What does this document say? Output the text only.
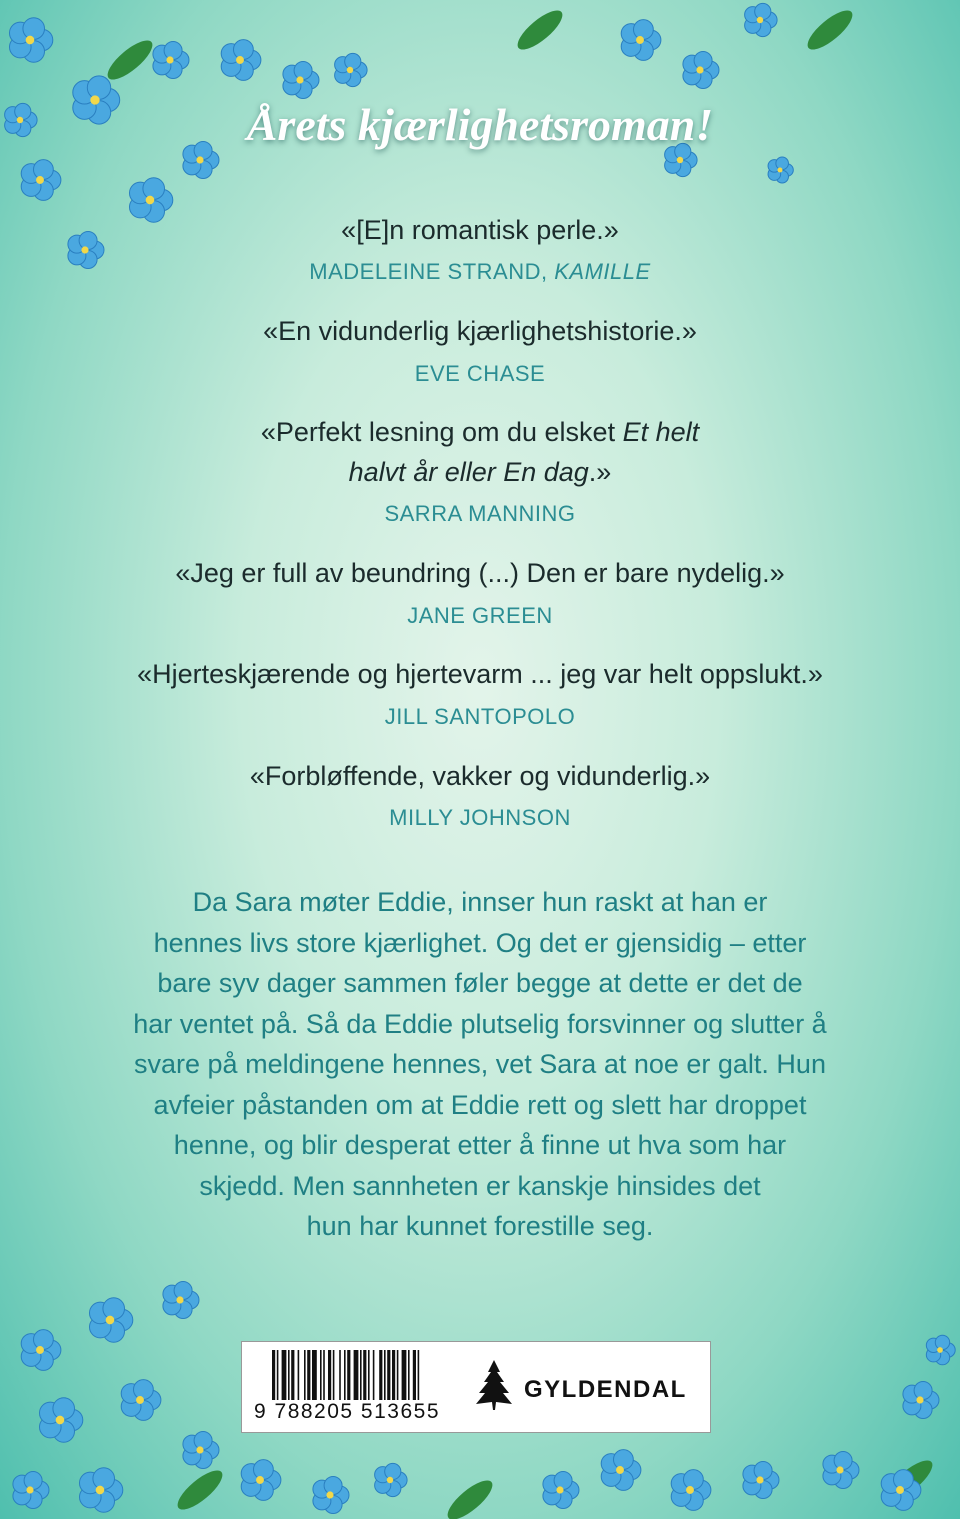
Årets kjærlighetsroman!
«[E]n romantisk perle.»
MADELEINE STRAND, KAMILLE
«En vidunderlig kjærlighetshistorie.»
EVE CHASE
«Perfekt lesning om du elsket Et helt
halvt år eller En dag.»
SARRA MANNING
«Jeg er full av beundring (...) Den er bare nydelig.»
JANE GREEN
«Hjerteskjærende og hjertevarm ... jeg var helt oppslukt.»
JILL SANTOPOLO
«Forbløffende, vakker og vidunderlig.»
MILLY JOHNSON
Da Sara møter Eddie, innser hun raskt at han er
hennes livs store kjærlighet. Og det er gjensidig – etter
bare syv dager sammen føler begge at dette er det de
har ventet på. Så da Eddie plutselig forsvinner og slutter å
svare på meldingene hennes, vet Sara at noe er galt. Hun
avfeier påstanden om at Eddie rett og slett har droppet
henne, og blir desperat etter å finne ut hva som har
skjedd. Men sannheten er kanskje hinsides det
hun har kunnet forestille seg.
9 788205 513655
GYLDENDAL
